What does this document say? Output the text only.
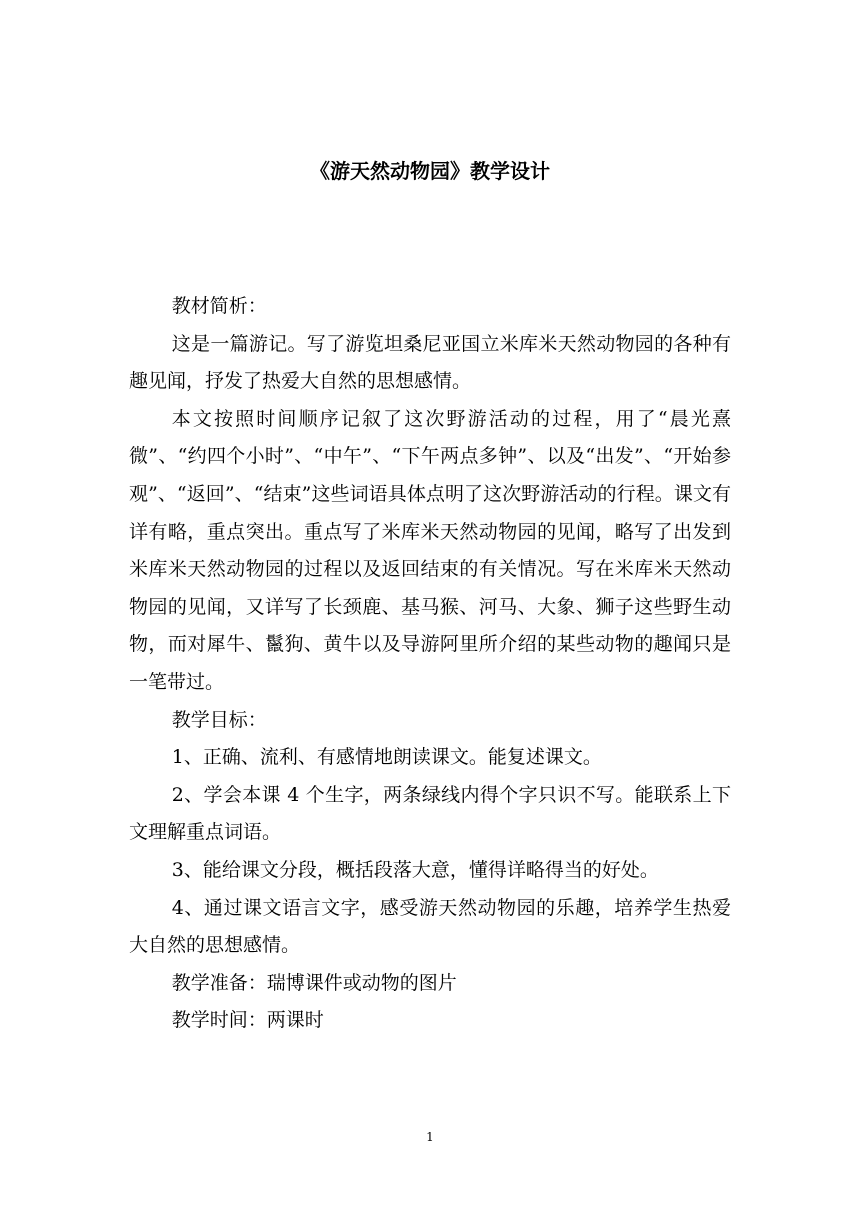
《游天然动物园》教学设计

教材简析：

这是一篇游记。写了游览坦桑尼亚国立米库米天然动物园的各种有趣见闻，抒发了热爱大自然的思想感情。

本文按照时间顺序记叙了这次野游活动的过程，用了“晨光熹微”、“约四个小时”、“中午”、“下午两点多钟”、以及“出发”、“开始参观”、“返回”、“结束”这些词语具体点明了这次野游活动的行程。课文有详有略，重点突出。重点写了米库米天然动物园的见闻，略写了出发到米库米天然动物园的过程以及返回结束的有关情况。写在米库米天然动物园的见闻，又详写了长颈鹿、基马猴、河马、大象、狮子这些野生动物，而对犀牛、鬣狗、黄牛以及导游阿里所介绍的某些动物的趣闻只是一笔带过。

教学目标：

1、正确、流利、有感情地朗读课文。能复述课文。

2、学会本课 4 个生字，两条绿线内得个字只识不写。能联系上下文理解重点词语。

3、能给课文分段，概括段落大意，懂得详略得当的好处。

4、通过课文语言文字，感受游天然动物园的乐趣，培养学生热爱大自然的思想感情。

教学准备：瑞博课件或动物的图片

教学时间：两课时

1
